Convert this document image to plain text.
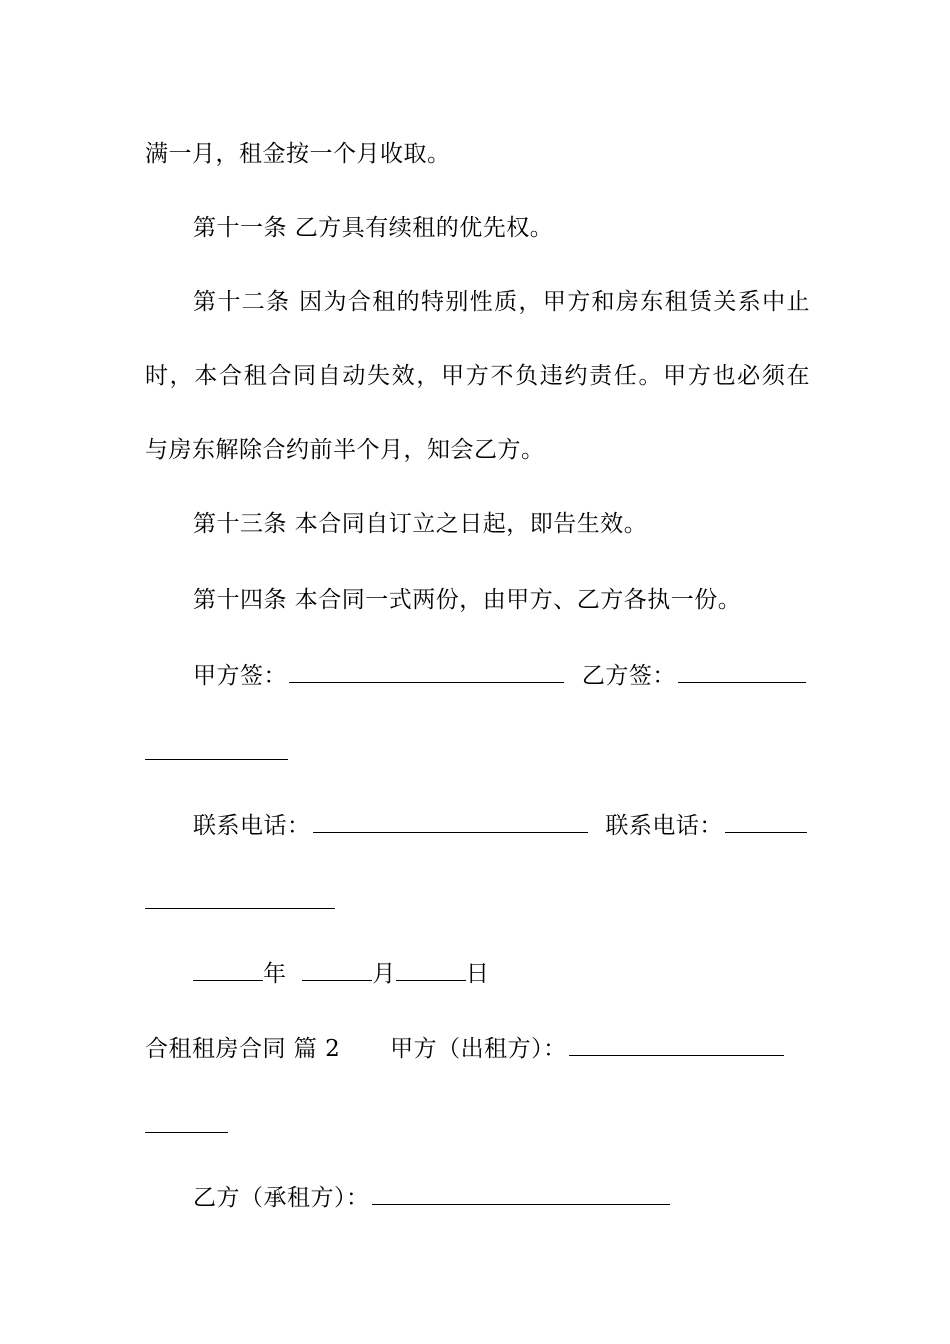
满一月，租金按一个月收取。
第十一条 乙方具有续租的优先权。
第十二条 因为合租的特别性质，甲方和房东租赁关系中止
时，本合租合同自动失效，甲方不负违约责任。甲方也必须在
与房东解除合约前半个月，知会乙方。
第十三条 本合同自订立之日起，即告生效。
第十四条 本合同一式两份，由甲方、乙方各执一份。
甲方签：	乙方签：
联系电话：	联系电话：
年	月	日
合租租房合同 篇 2 甲方（出租方）：
乙方（承租方）：
